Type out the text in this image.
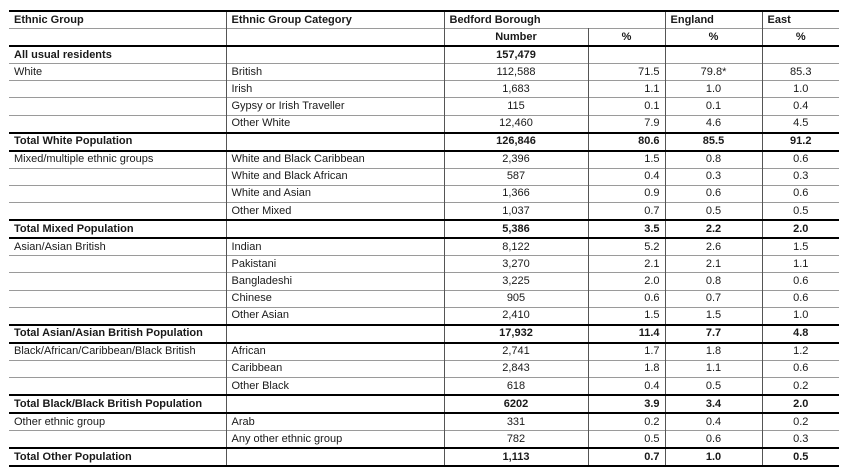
Ethnic Group	Ethnic Group Category	Bedford Borough		England	East
		Number	%	%	%
All usual residents		157,479			
White	British	112,588	71.5	79.8*	85.3
	Irish	1,683	1.1	1.0	1.0
	Gypsy or Irish Traveller	115	0.1	0.1	0.4
	Other White	12,460	7.9	4.6	4.5
Total White Population		126,846	80.6	85.5	91.2
Mixed/multiple ethnic groups	White and Black Caribbean	2,396	1.5	0.8	0.6
	White and Black African	587	0.4	0.3	0.3
	White and Asian	1,366	0.9	0.6	0.6
	Other Mixed	1,037	0.7	0.5	0.5
Total Mixed Population		5,386	3.5	2.2	2.0
Asian/Asian British	Indian	8,122	5.2	2.6	1.5
	Pakistani	3,270	2.1	2.1	1.1
	Bangladeshi	3,225	2.0	0.8	0.6
	Chinese	905	0.6	0.7	0.6
	Other Asian	2,410	1.5	1.5	1.0
Total Asian/Asian British Population		17,932	11.4	7.7	4.8
Black/African/Caribbean/Black British	African	2,741	1.7	1.8	1.2
	Caribbean	2,843	1.8	1.1	0.6
	Other Black	618	0.4	0.5	0.2
Total Black/Black British Population		6202	3.9	3.4	2.0
Other ethnic group	Arab	331	0.2	0.4	0.2
	Any other ethnic group	782	0.5	0.6	0.3
Total Other Population		1,113	0.7	1.0	0.5
